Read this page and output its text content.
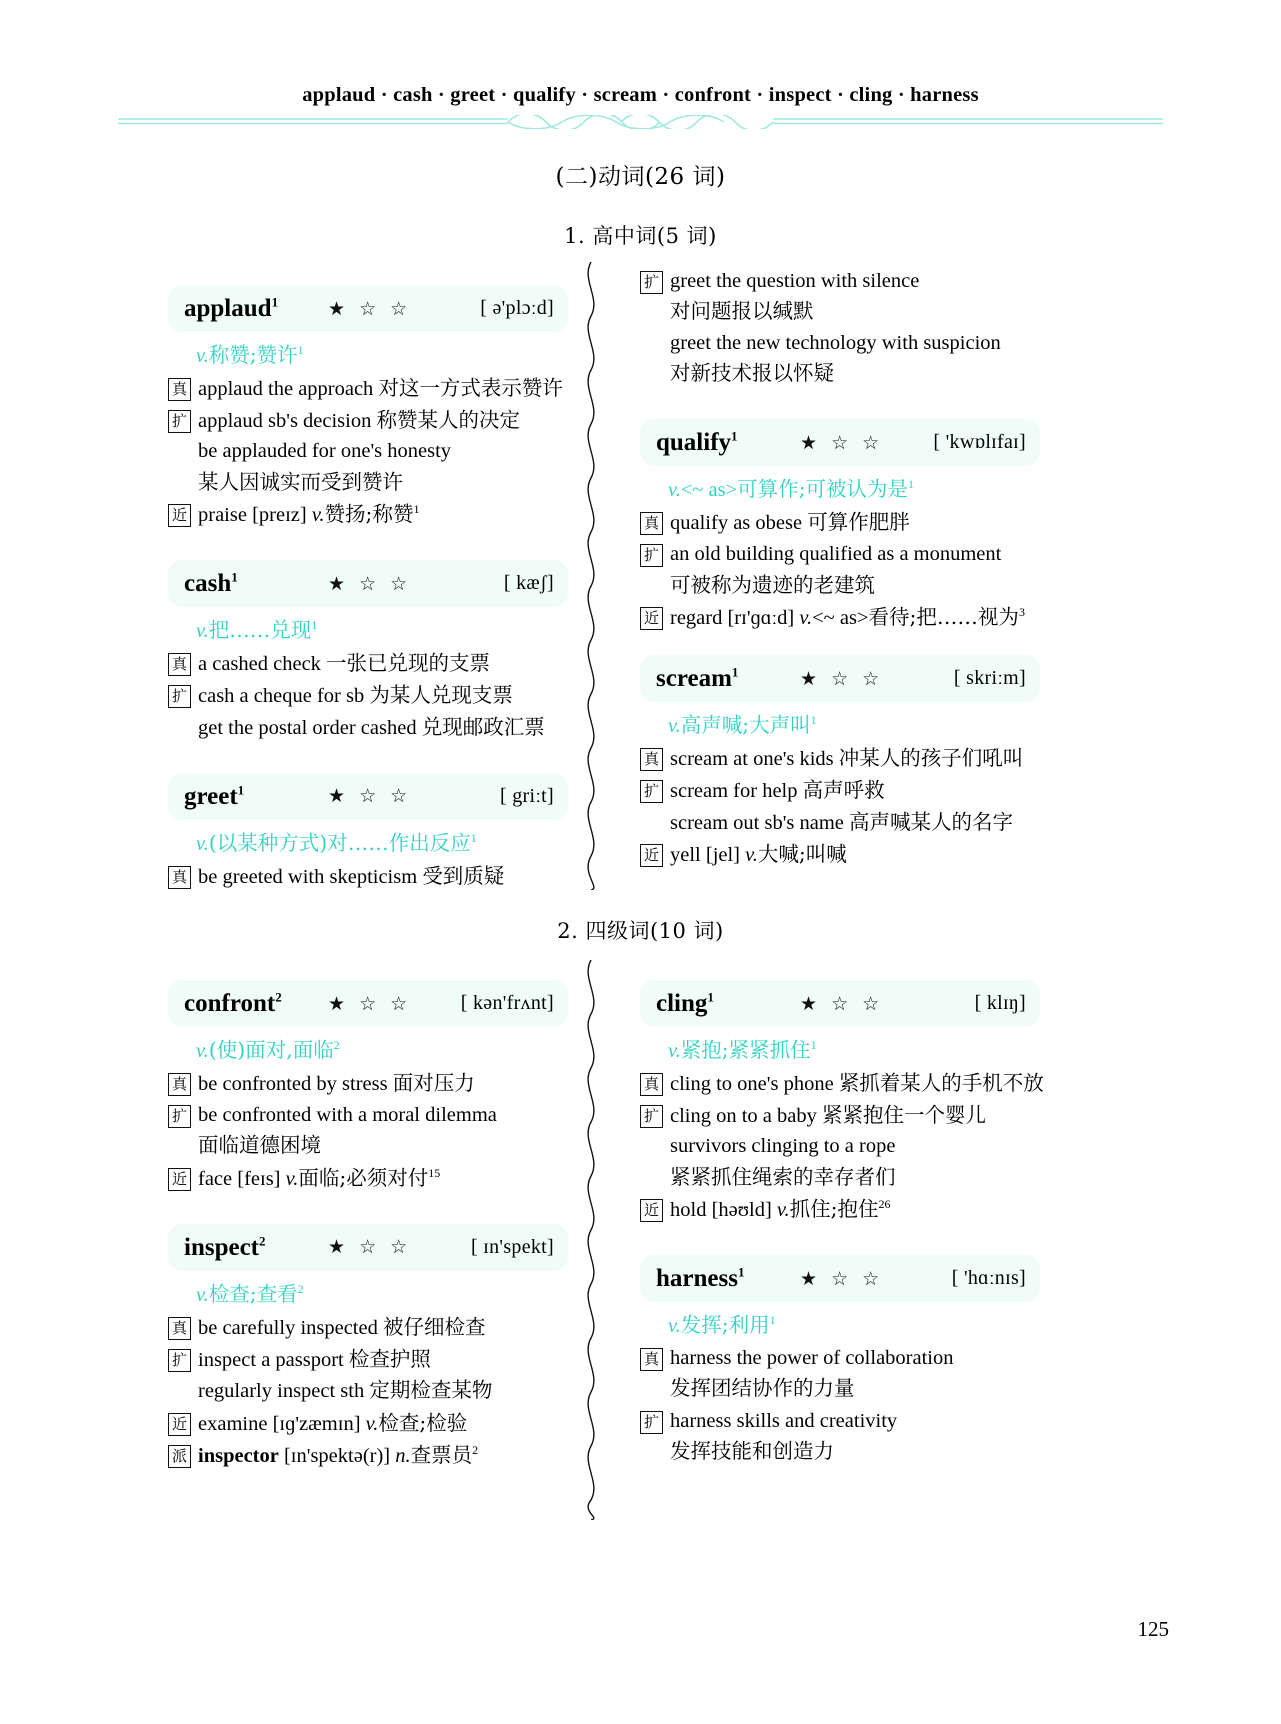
applaud · cash · greet · qualify · scream · confront · inspect · cling · harness
(二)动词(26 词)
1. 高中词(5 词)
2. 四级词(10 词)
applaud$^1$	★ ☆ ☆	[ ə'plɔːd]
v.称赞;赞许$^1$
真 applaud the approach 对这一方式表示赞许
扩 applaud sb's decision 称赞某人的决定
be applauded for one's honesty
某人因诚实而受到赞许
近 praise [preɪz] v.赞扬;称赞$^1$
cash$^1$	★ ☆ ☆	[ kæʃ]
v.把……兑现$^1$
真 a cashed check 一张已兑现的支票
扩 cash a cheque for sb 为某人兑现支票
get the postal order cashed 兑现邮政汇票
greet$^1$	★ ☆ ☆	[ griːt]
v.(以某种方式)对……作出反应$^1$
真 be greeted with skepticism 受到质疑
扩 greet the question with silence
对问题报以缄默
greet the new technology with suspicion
对新技术报以怀疑
qualify$^1$	★ ☆ ☆	[ 'kwɒlɪfaɪ]
v.<~ as>可算作;可被认为是$^1$
真 qualify as obese 可算作肥胖
扩 an old building qualified as a monument
可被称为遗迹的老建筑
近 regard [rɪ'ɡɑːd] v.<~ as>看待;把……视为$^3$
scream$^1$	★ ☆ ☆	[ skriːm]
v.高声喊;大声叫$^1$
真 scream at one's kids 冲某人的孩子们吼叫
扩 scream for help 高声呼救
scream out sb's name 高声喊某人的名字
近 yell [jel] v.大喊;叫喊
confront$^2$ ★ ☆ ☆ [ kən'frʌnt]
v.(使)面对,面临$^2$
真 be confronted by stress 面对压力
扩 be confronted with a moral dilemma
面临道德困境
近 face [feɪs] v.面临;必须对付$^{15}$
inspect$^2$	★ ☆ ☆	[ ɪn'spekt]
v.检查;查看$^2$
真 be carefully inspected 被仔细检查
扩 inspect a passport 检查护照
regularly inspect sth 定期检查某物
近 examine [ɪɡ'zæmɪn] v.检查;检验
派 inspector [ɪn'spektə(r)] n.查票员$^2$
cling$^1$	★ ☆ ☆	[ klɪŋ]
v.紧抱;紧紧抓住$^1$
真 cling to one's phone 紧抓着某人的手机不放
扩 cling on to a baby 紧紧抱住一个婴儿
survivors clinging to a rope
紧紧抓住绳索的幸存者们
近 hold [həʊld] v.抓住;抱住$^{26}$
harness$^1$	★ ☆ ☆	[ 'hɑːnɪs]
v.发挥;利用$^1$
真 harness the power of collaboration
发挥团结协作的力量
扩 harness skills and creativity
发挥技能和创造力
125
